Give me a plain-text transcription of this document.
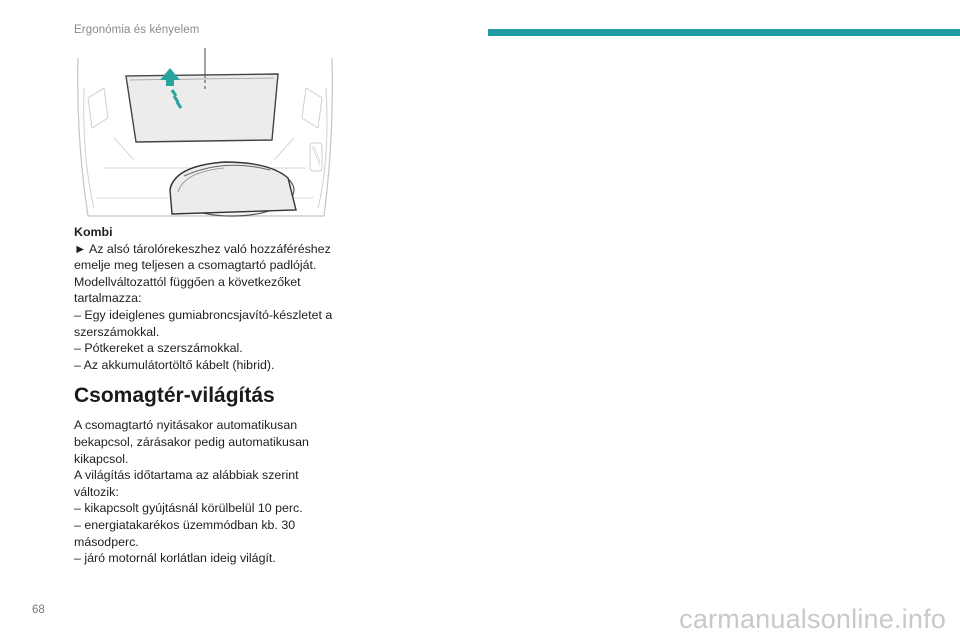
Ergonómia és kényelem

Kombi

► Az alsó tárolórekeszhez való hozzáféréshez emelje meg teljesen a csomagtartó padlóját.

Modellváltozattól függően a következőket tartalmazza:

– Egy ideiglenes gumiabroncsjavító-készletet a szerszámokkal.

– Pótkereket a szerszámokkal.

– Az akkumulátortöltő kábelt (hibrid).

Csomagtér-világítás

A csomagtartó nyitásakor automatikusan bekapcsol, zárásakor pedig automatikusan kikapcsol.

A világítás időtartama az alábbiak szerint változik:

– kikapcsolt gyújtásnál körülbelül 10 perc.

– energiatakarékos üzemmódban kb. 30 másodperc.

– járó motornál korlátlan ideig világít.

68	carmanualsonline.info
